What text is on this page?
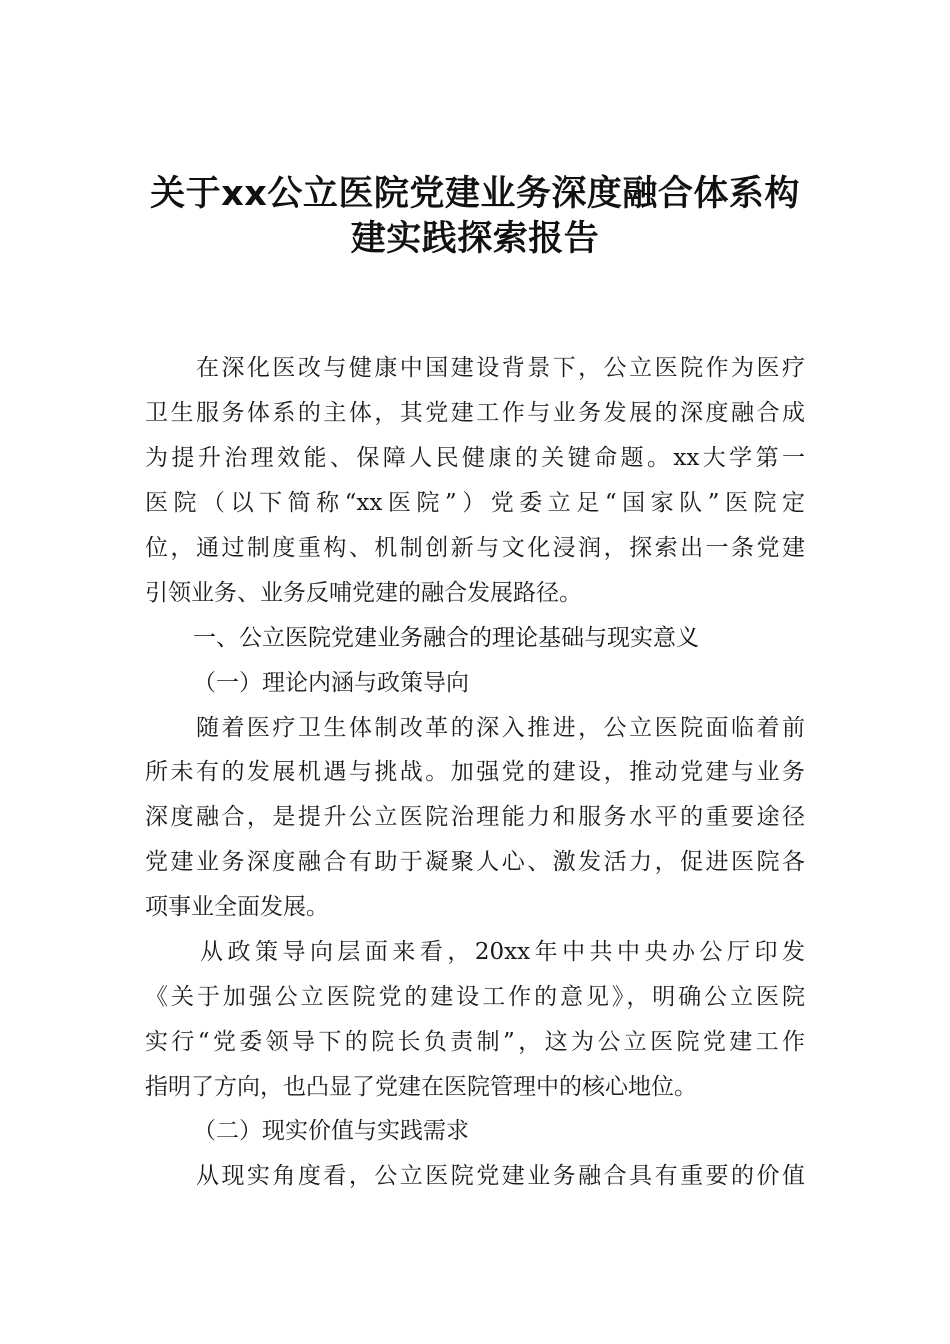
关于xx公立医院党建业务深度融合体系构
建实践探索报告
　　在深化医改与健康中国建设背景下，公立医院作为医疗
卫生服务体系的主体，其党建工作与业务发展的深度融合成
为提升治理效能、保障人民健康的关键命题。xx大学第一
医院（以下简称“xx医院”）党委立足“国家队”医院定
位，通过制度重构、机制创新与文化浸润，探索出一条党建
引领业务、业务反哺党建的融合发展路径。
一、公立医院党建业务融合的理论基础与现实意义
（一）理论内涵与政策导向
　　随着医疗卫生体制改革的深入推进，公立医院面临着前
所未有的发展机遇与挑战。加强党的建设，推动党建与业务
深度融合，是提升公立医院治理能力和服务水平的重要途径
党建业务深度融合有助于凝聚人心、激发活力，促进医院各
项事业全面发展。
　　从政策导向层面来看，20xx年中共中央办公厅印发
《关于加强公立医院党的建设工作的意见》，明确公立医院
实行“党委领导下的院长负责制”，这为公立医院党建工作
指明了方向，也凸显了党建在医院管理中的核心地位。
（二）现实价值与实践需求
　　从现实角度看，公立医院党建业务融合具有重要的价值
